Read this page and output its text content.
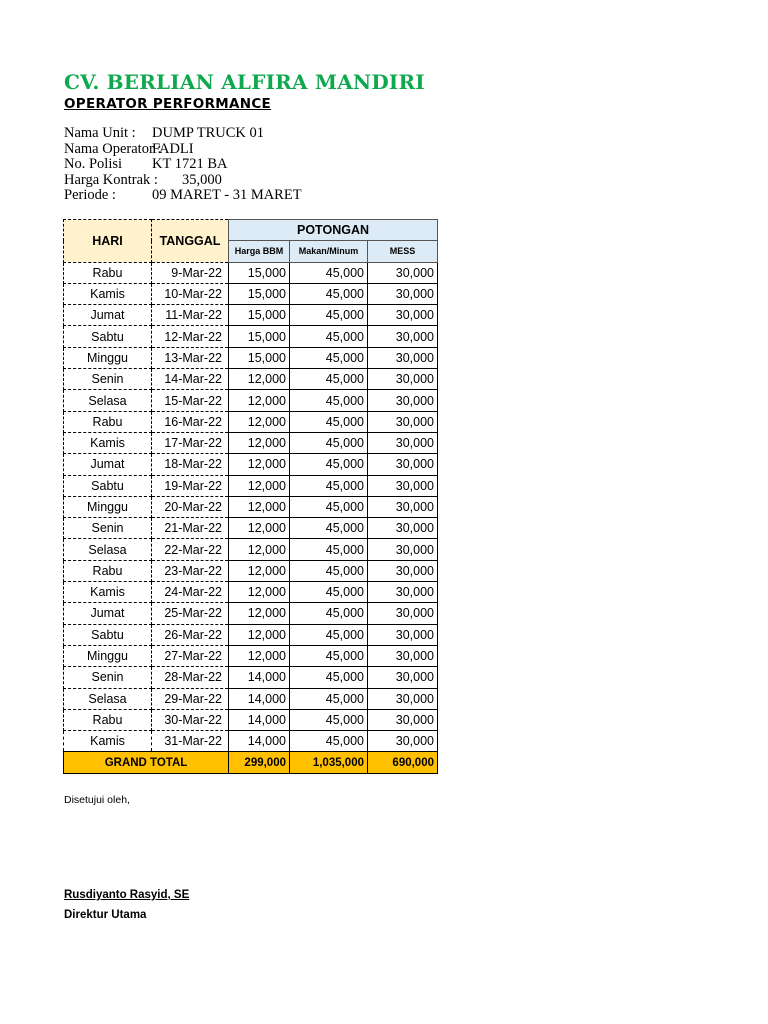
CV. BERLIAN ALFIRA MANDIRI
OPERATOR PERFORMANCE
Nama Unit :	DUMP TRUCK 01
Nama Operator :
FADLI
No. Polisi	KT 1721 BA
Harga Kontrak : 35,000
Periode :	09 MARET - 31 MARET
HARI	TANGGAL	POTONGAN		
		Harga BBM	Makan/Minum	MESS
Rabu	9-Mar-22	15,000	45,000	30,000
Kamis	10-Mar-22	15,000	45,000	30,000
Jumat	11-Mar-22	15,000	45,000	30,000
Sabtu	12-Mar-22	15,000	45,000	30,000
Minggu	13-Mar-22	15,000	45,000	30,000
Senin	14-Mar-22	12,000	45,000	30,000
Selasa	15-Mar-22	12,000	45,000	30,000
Rabu	16-Mar-22	12,000	45,000	30,000
Kamis	17-Mar-22	12,000	45,000	30,000
Jumat	18-Mar-22	12,000	45,000	30,000
Sabtu	19-Mar-22	12,000	45,000	30,000
Minggu	20-Mar-22	12,000	45,000	30,000
Senin	21-Mar-22	12,000	45,000	30,000
Selasa	22-Mar-22	12,000	45,000	30,000
Rabu	23-Mar-22	12,000	45,000	30,000
Kamis	24-Mar-22	12,000	45,000	30,000
Jumat	25-Mar-22	12,000	45,000	30,000
Sabtu	26-Mar-22	12,000	45,000	30,000
Minggu	27-Mar-22	12,000	45,000	30,000
Senin	28-Mar-22	14,000	45,000	30,000
Selasa	29-Mar-22	14,000	45,000	30,000
Rabu	30-Mar-22	14,000	45,000	30,000
Kamis	31-Mar-22	14,000	45,000	30,000
GRAND TOTAL		299,000	1,035,000	690,000
Disetujui oleh,
Rusdiyanto Rasyid, SE
Direktur Utama
